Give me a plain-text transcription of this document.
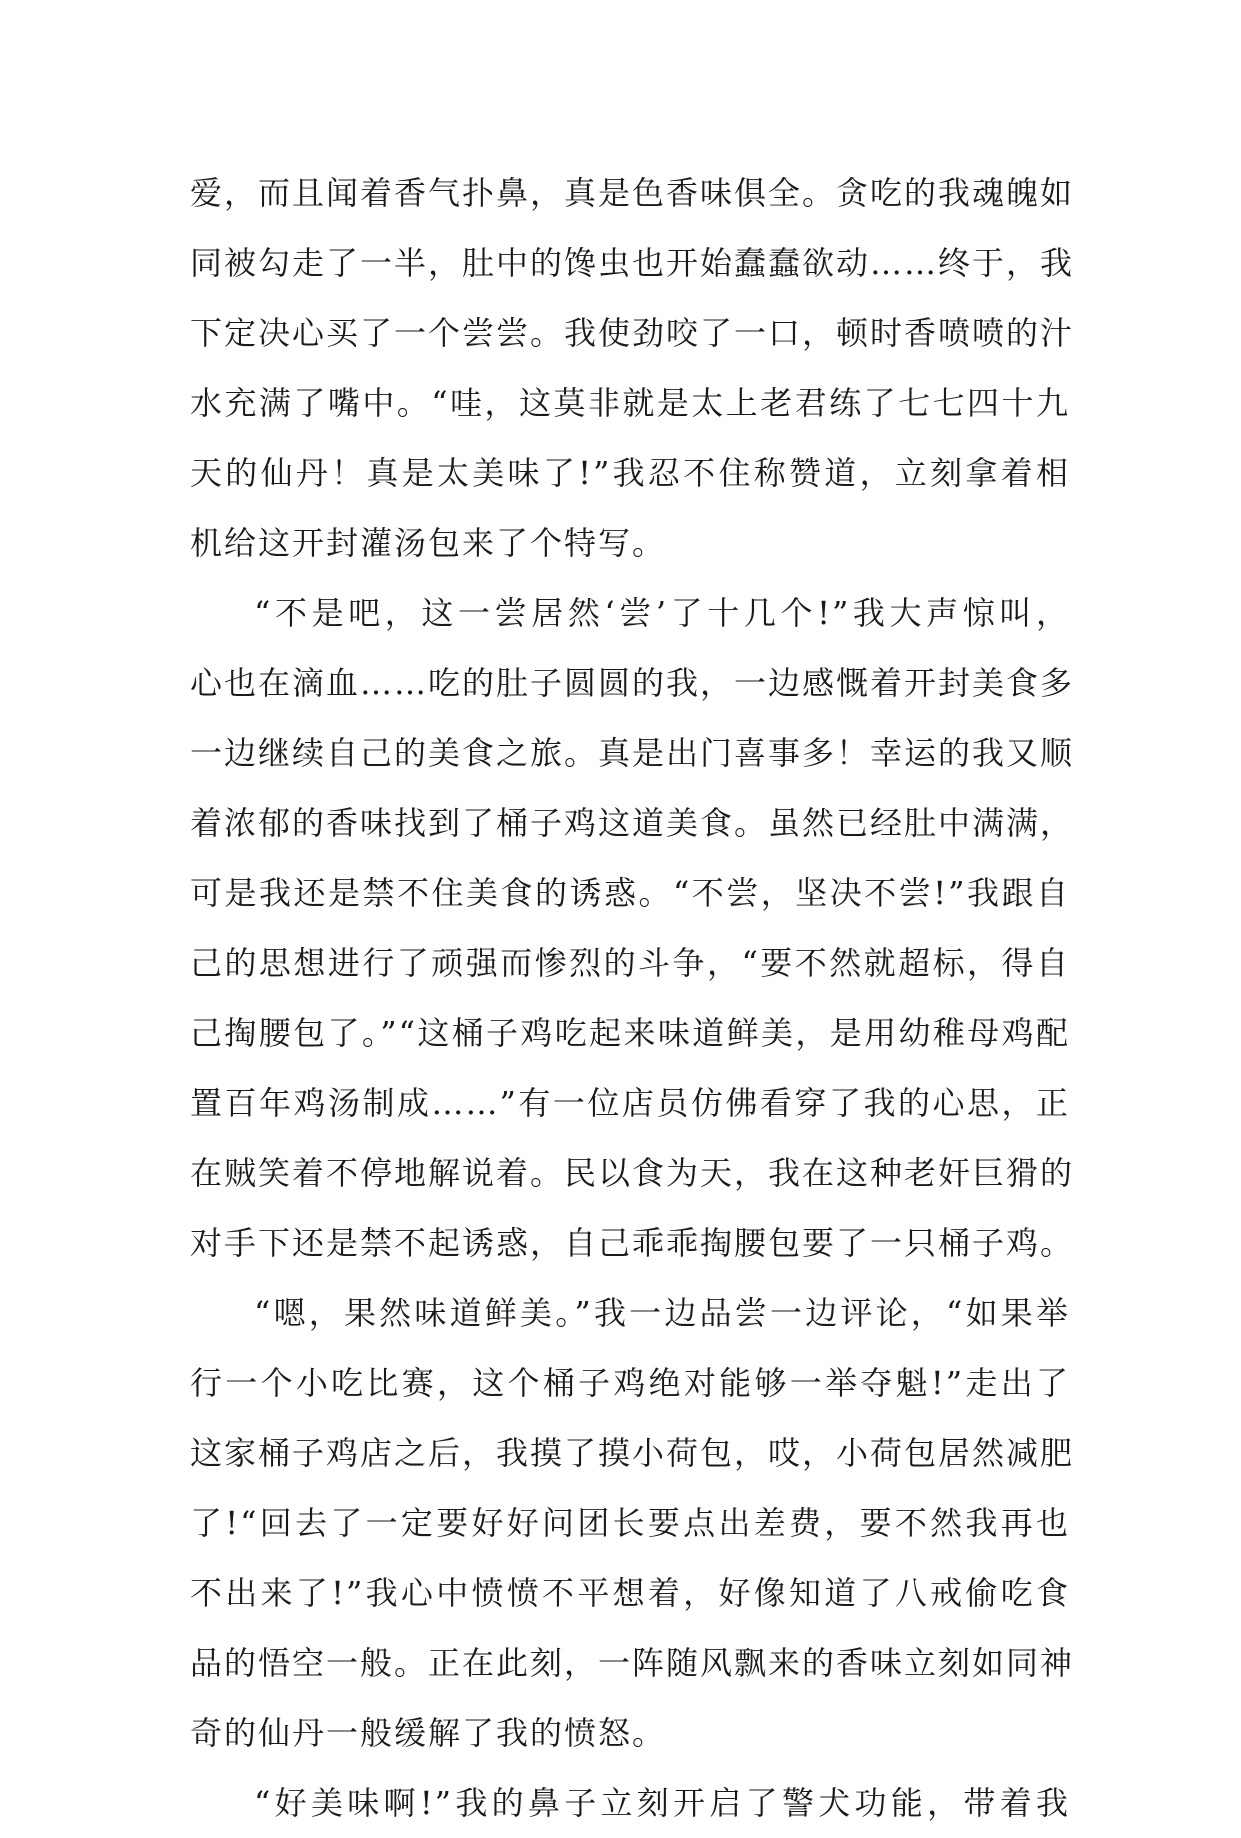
爱，而且闻着香气扑鼻，真是色香味俱全。贪吃的我魂魄如
同被勾走了一半，肚中的馋虫也开始蠢蠢欲动……终于，我
下定决心买了一个尝尝。我使劲咬了一口，顿时香喷喷的汁
水充满了嘴中。“哇，这莫非就是太上老君练了七七四十九
天的仙丹！真是太美味了!”我忍不住称赞道，立刻拿着相
机给这开封灌汤包来了个特写。
“不是吧，这一尝居然‘尝’了十几个!”我大声惊叫，
心也在滴血……吃的肚子圆圆的我，一边感慨着开封美食多
一边继续自己的美食之旅。真是出门喜事多！幸运的我又顺
着浓郁的香味找到了桶子鸡这道美食。虽然已经肚中满满，
可是我还是禁不住美食的诱惑。“不尝，坚决不尝!”我跟自
己的思想进行了顽强而惨烈的斗争，“要不然就超标，得自
己掏腰包了。”“这桶子鸡吃起来味道鲜美，是用幼稚母鸡配
置百年鸡汤制成……”有一位店员仿佛看穿了我的心思，正
在贼笑着不停地解说着。民以食为天，我在这种老奸巨猾的
对手下还是禁不起诱惑，自己乖乖掏腰包要了一只桶子鸡。
“嗯，果然味道鲜美。”我一边品尝一边评论，“如果举
行一个小吃比赛，这个桶子鸡绝对能够一举夺魁!”走出了
这家桶子鸡店之后，我摸了摸小荷包，哎，小荷包居然减肥
了!“回去了一定要好好问团长要点出差费，要不然我再也
不出来了!”我心中愤愤不平想着，好像知道了八戒偷吃食
品的悟空一般。正在此刻，一阵随风飘来的香味立刻如同神
奇的仙丹一般缓解了我的愤怒。
“好美味啊!”我的鼻子立刻开启了警犬功能，带着我
